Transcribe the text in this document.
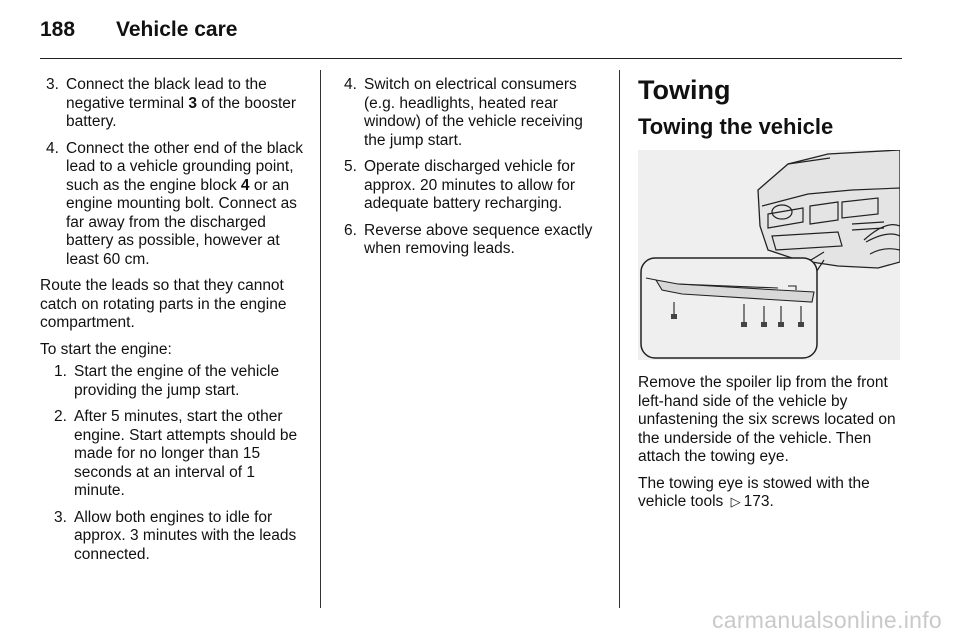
188 Vehicle care
3. Connect the black lead to the negative terminal 3 of the booster battery.
4. Connect the other end of the black lead to a vehicle grounding point, such as the engine block 4 or an engine mounting bolt. Connect as far away from the discharged battery as possible, however at least 60 cm.

Route the leads so that they cannot catch on rotating parts in the engine compartment.

To start the engine:

1. Start the engine of the vehicle providing the jump start.
2. After 5 minutes, start the other engine. Start attempts should be made for no longer than 15 seconds at an interval of 1 minute.
3. Allow both engines to idle for approx. 3 minutes with the leads connected.
4. Switch on electrical consumers (e.g. headlights, heated rear window) of the vehicle receiving the jump start.
5. Operate discharged vehicle for approx. 20 minutes to allow for adequate battery recharging.
6. Reverse above sequence exactly when removing leads.
Towing
Towing the vehicle

Remove the spoiler lip from the front left-hand side of the vehicle by unfastening the six screws located on the underside of the vehicle. Then attach the towing eye.

The towing eye is stowed with the vehicle tools ▷ 173.

carmanualsonline.info
